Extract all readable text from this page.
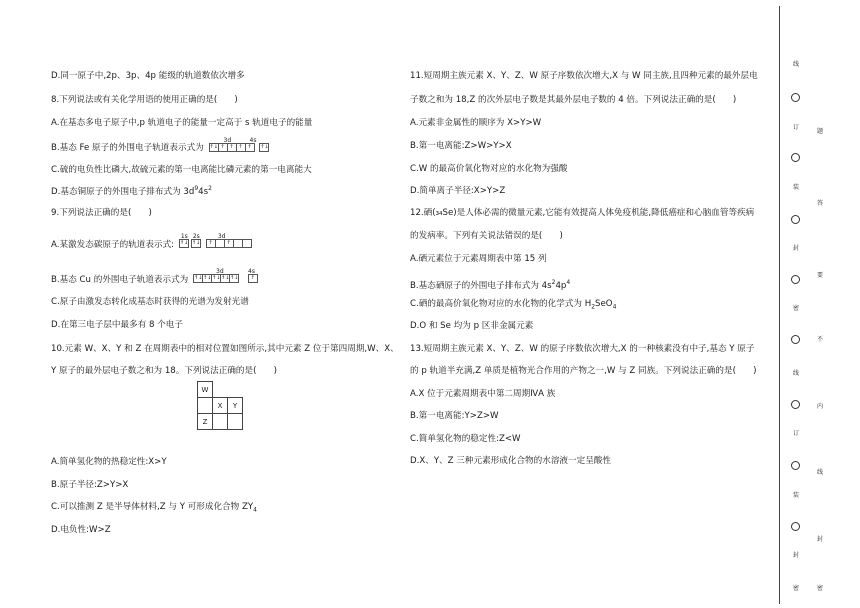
D.同一原子中,2p、3p、4p 能级的轨道数依次增多
8.下列说法或有关化学用语的使用正确的是(　　)
A.在基态多电子原子中,p 轨道电子的能量一定高于 s 轨道电子的能量
B.基态 Fe 原子的外围电子轨道表示式为
3d	4s
↑↓ ↑ ↑ ↑ ↑ ↑↓
C.硫的电负性比磷大,故硫元素的第一电离能比磷元素的第一电离能大
D.基态铜原子的外围电子排布式为 $3d^94s^2$
9.下列说法正确的是(　　)
A.某激发态碳原子的轨道表示式:
1s 2s	3d
↑↓ ↑↓ ↑	↑
B.基态 Cu 的外围电子轨道表示式为
3d	4s
↑↓↑↓↑↓↑↓↑↓ ↑
C.原子由激发态转化成基态时获得的光谱为发射光谱
D.在第三电子层中最多有 8 个电子
10.元素 W、X、Y 和 Z 在周期表中的相对位置如图所示,其中元素 Z 位于第四周期,W、X、
Y 原子的最外层电子数之和为 18。下列说法正确的是(　　)
W		
	X	Y
Z		
A.简单氢化物的热稳定性:X>Y
B.原子半径:Z>Y>X
C.可以推测 Z 是半导体材料,Z 与 Y 可形成化合物 $ZY_4$
D.电负性:W>Z
11.短周期主族元素 X、Y、Z、W 原子序数依次增大,X 与 W 同主族,且四种元素的最外层电
子数之和为 18,Z 的次外层电子数是其最外层电子数的 4 倍。下列说法正确的是(　　)
A.元素非金属性的顺序为 X>Y>W
B.第一电离能:Z>W>Y>X
C.W 的最高价氧化物对应的水化物为强酸
D.简单离子半径:X>Y>Z
12.硒(₃₄Se)是人体必需的微量元素,它能有效提高人体免疫机能,降低癌症和心脑血管等疾病
的发病率。下列有关说法错误的是(　　)
A.硒元素位于元素周期表中第 15 列
B.基态硒原子的外围电子排布式为 $4s^24p^4$
C.硒的最高价氧化物对应的水化物的化学式为 $H_2SeO_4$
D.O 和 Se 均为 p 区非金属元素
13.短周期主族元素 X、Y、Z、W 的原子序数依次增大,X 的一种核素没有中子,基态 Y 原子
的 p 轨道半充满,Z 单质是植物光合作用的产物之一,W 与 Z 同族。下列说法正确的是(　　)
A.X 位于元素周期表中第二周期ⅣA 族
B.第一电离能:Y>Z>W
C.简单氢化物的稳定性:Z<W
D.X、Y、Z 三种元素形成化合物的水溶液一定呈酸性
线
订
装
封
密
线
订
装
封
密
题
答
要
不
内
线
封
密
